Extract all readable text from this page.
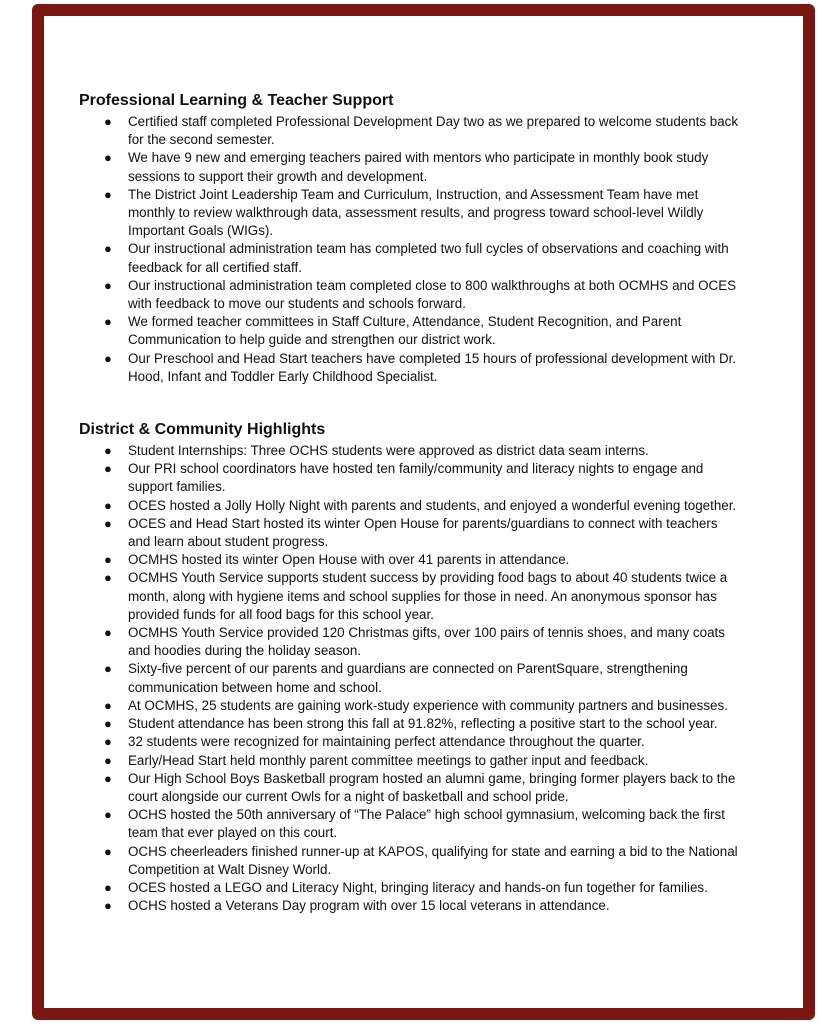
Professional Learning & Teacher Support
● Certified staff completed Professional Development Day two as we prepared to welcome students back for the second semester.
● We have 9 new and emerging teachers paired with mentors who participate in monthly book study sessions to support their growth and development.
● The District Joint Leadership Team and Curriculum, Instruction, and Assessment Team have met monthly to review walkthrough data, assessment results, and progress toward school-level Wildly Important Goals (WIGs).
● Our instructional administration team has completed two full cycles of observations and coaching with feedback for all certified staff.
● Our instructional administration team completed close to 800 walkthroughs at both OCMHS and OCES with feedback to move our students and schools forward.
● We formed teacher committees in Staff Culture, Attendance, Student Recognition, and Parent Communication to help guide and strengthen our district work.
● Our Preschool and Head Start teachers have completed 15 hours of professional development with Dr. Hood, Infant and Toddler Early Childhood Specialist.
District & Community Highlights
● Student Internships: Three OCHS students were approved as district data seam interns.
● Our PRI school coordinators have hosted ten family/community and literacy nights to engage and support families.
● OCES hosted a Jolly Holly Night with parents and students, and enjoyed a wonderful evening together.
● OCES and Head Start hosted its winter Open House for parents/guardians to connect with teachers and learn about student progress.
● OCMHS hosted its winter Open House with over 41 parents in attendance.
● OCMHS Youth Service supports student success by providing food bags to about 40 students twice a month, along with hygiene items and school supplies for those in need. An anonymous sponsor has provided funds for all food bags for this school year.
● OCMHS Youth Service provided 120 Christmas gifts, over 100 pairs of tennis shoes, and many coats and hoodies during the holiday season.
● Sixty-five percent of our parents and guardians are connected on ParentSquare, strengthening communication between home and school.
● At OCMHS, 25 students are gaining work-study experience with community partners and businesses.
● Student attendance has been strong this fall at 91.82%, reflecting a positive start to the school year.
● 32 students were recognized for maintaining perfect attendance throughout the quarter.
● Early/Head Start held monthly parent committee meetings to gather input and feedback.
● Our High School Boys Basketball program hosted an alumni game, bringing former players back to the court alongside our current Owls for a night of basketball and school pride.
● OCHS hosted the 50th anniversary of “The Palace” high school gymnasium, welcoming back the first team that ever played on this court.
● OCHS cheerleaders finished runner-up at KAPOS, qualifying for state and earning a bid to the National Competition at Walt Disney World.
● OCES hosted a LEGO and Literacy Night, bringing literacy and hands-on fun together for families.
● OCHS hosted a Veterans Day program with over 15 local veterans in attendance.
